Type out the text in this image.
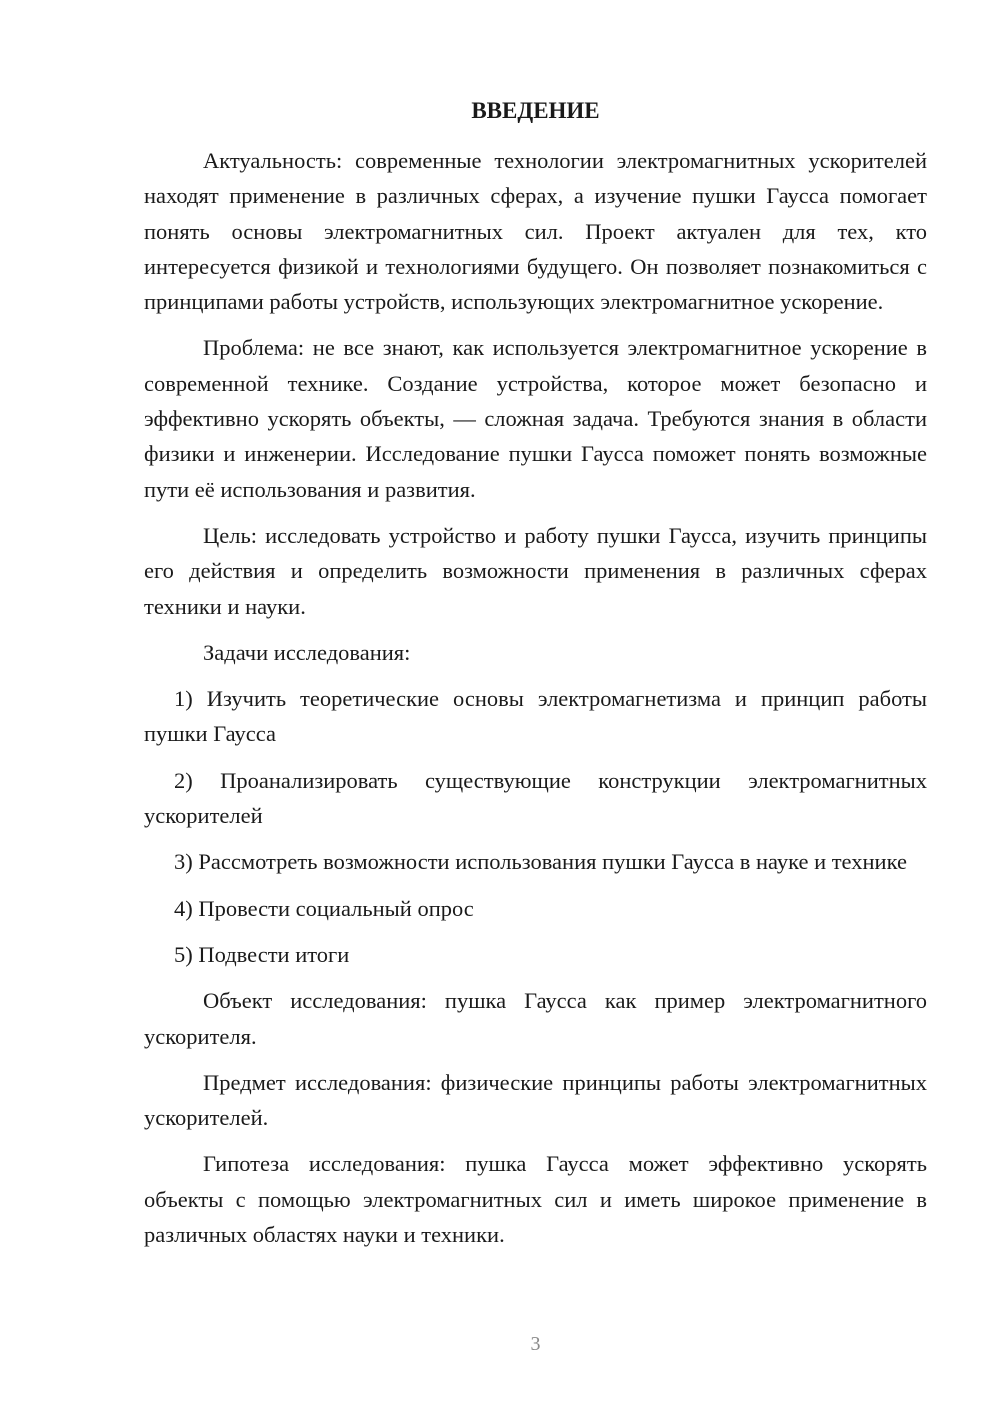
ВВЕДЕНИЕ

Актуальность: современные технологии электромагнитных ускорителей находят применение в различных сферах, а изучение пушки Гаусса помогает понять основы электромагнитных сил. Проект актуален для тех, кто интересуется физикой и технологиями будущего. Он позволяет познакомиться с принципами работы устройств, использующих электромагнитное ускорение.

Проблема: не все знают, как используется электромагнитное ускорение в современной технике. Создание устройства, которое может безопасно и эффективно ускорять объекты, — сложная задача. Требуются знания в области физики и инженерии. Исследование пушки Гаусса поможет понять возможные пути её использования и развития.

Цель: исследовать устройство и работу пушки Гаусса, изучить принципы его действия и определить возможности применения в различных сферах техники и науки.

Задачи исследования:

1) Изучить теоретические основы электромагнетизма и принцип работы пушки Гаусса

2) Проанализировать существующие конструкции электромагнитных ускорителей

3) Рассмотреть возможности использования пушки Гаусса в науке и технике

4) Провести социальный опрос

5) Подвести итоги

Объект исследования: пушка Гаусса как пример электромагнитного ускорителя.

Предмет исследования: физические принципы работы электромагнитных ускорителей.

Гипотеза исследования: пушка Гаусса может эффективно ускорять объекты с помощью электромагнитных сил и иметь широкое применение в различных областях науки и техники.

3
